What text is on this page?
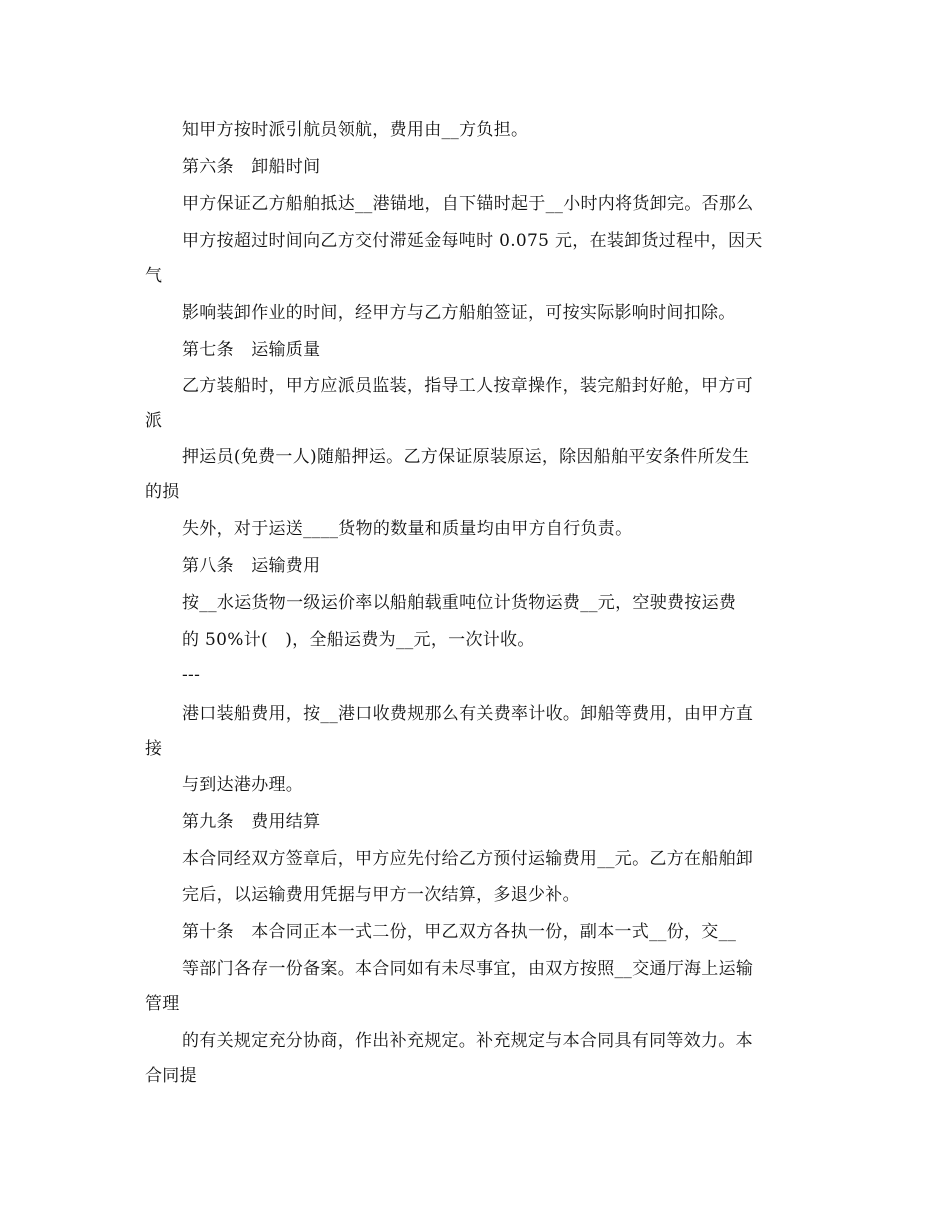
知甲方按时派引航员领航，费用由__方负担。
第六条　卸船时间
甲方保证乙方船舶抵达__港锚地，自下锚时起于__小时内将货卸完。否那么
甲方按超过时间向乙方交付滞延金每吨时 0.075 元，在装卸货过程中，因天
气
影响装卸作业的时间，经甲方与乙方船舶签证，可按实际影响时间扣除。
第七条　运输质量
乙方装船时，甲方应派员监装，指导工人按章操作，装完船封好舱，甲方可
派
押运员(免费一人)随船押运。乙方保证原装原运，除因船舶平安条件所发生
的损
失外，对于运送____货物的数量和质量均由甲方自行负责。
第八条　运输费用
按__水运货物一级运价率以船舶载重吨位计货物运费__元，空驶费按运费
的 50%计(　)，全船运费为__元，一次计收。
---
港口装船费用，按__港口收费规那么有关费率计收。卸船等费用，由甲方直
接
与到达港办理。
第九条　费用结算
本合同经双方签章后，甲方应先付给乙方预付运输费用__元。乙方在船舶卸
完后，以运输费用凭据与甲方一次结算，多退少补。
第十条　本合同正本一式二份，甲乙双方各执一份，副本一式__份，交__
等部门各存一份备案。本合同如有未尽事宜，由双方按照__交通厅海上运输
管理
的有关规定充分协商，作出补充规定。补充规定与本合同具有同等效力。本
合同提
